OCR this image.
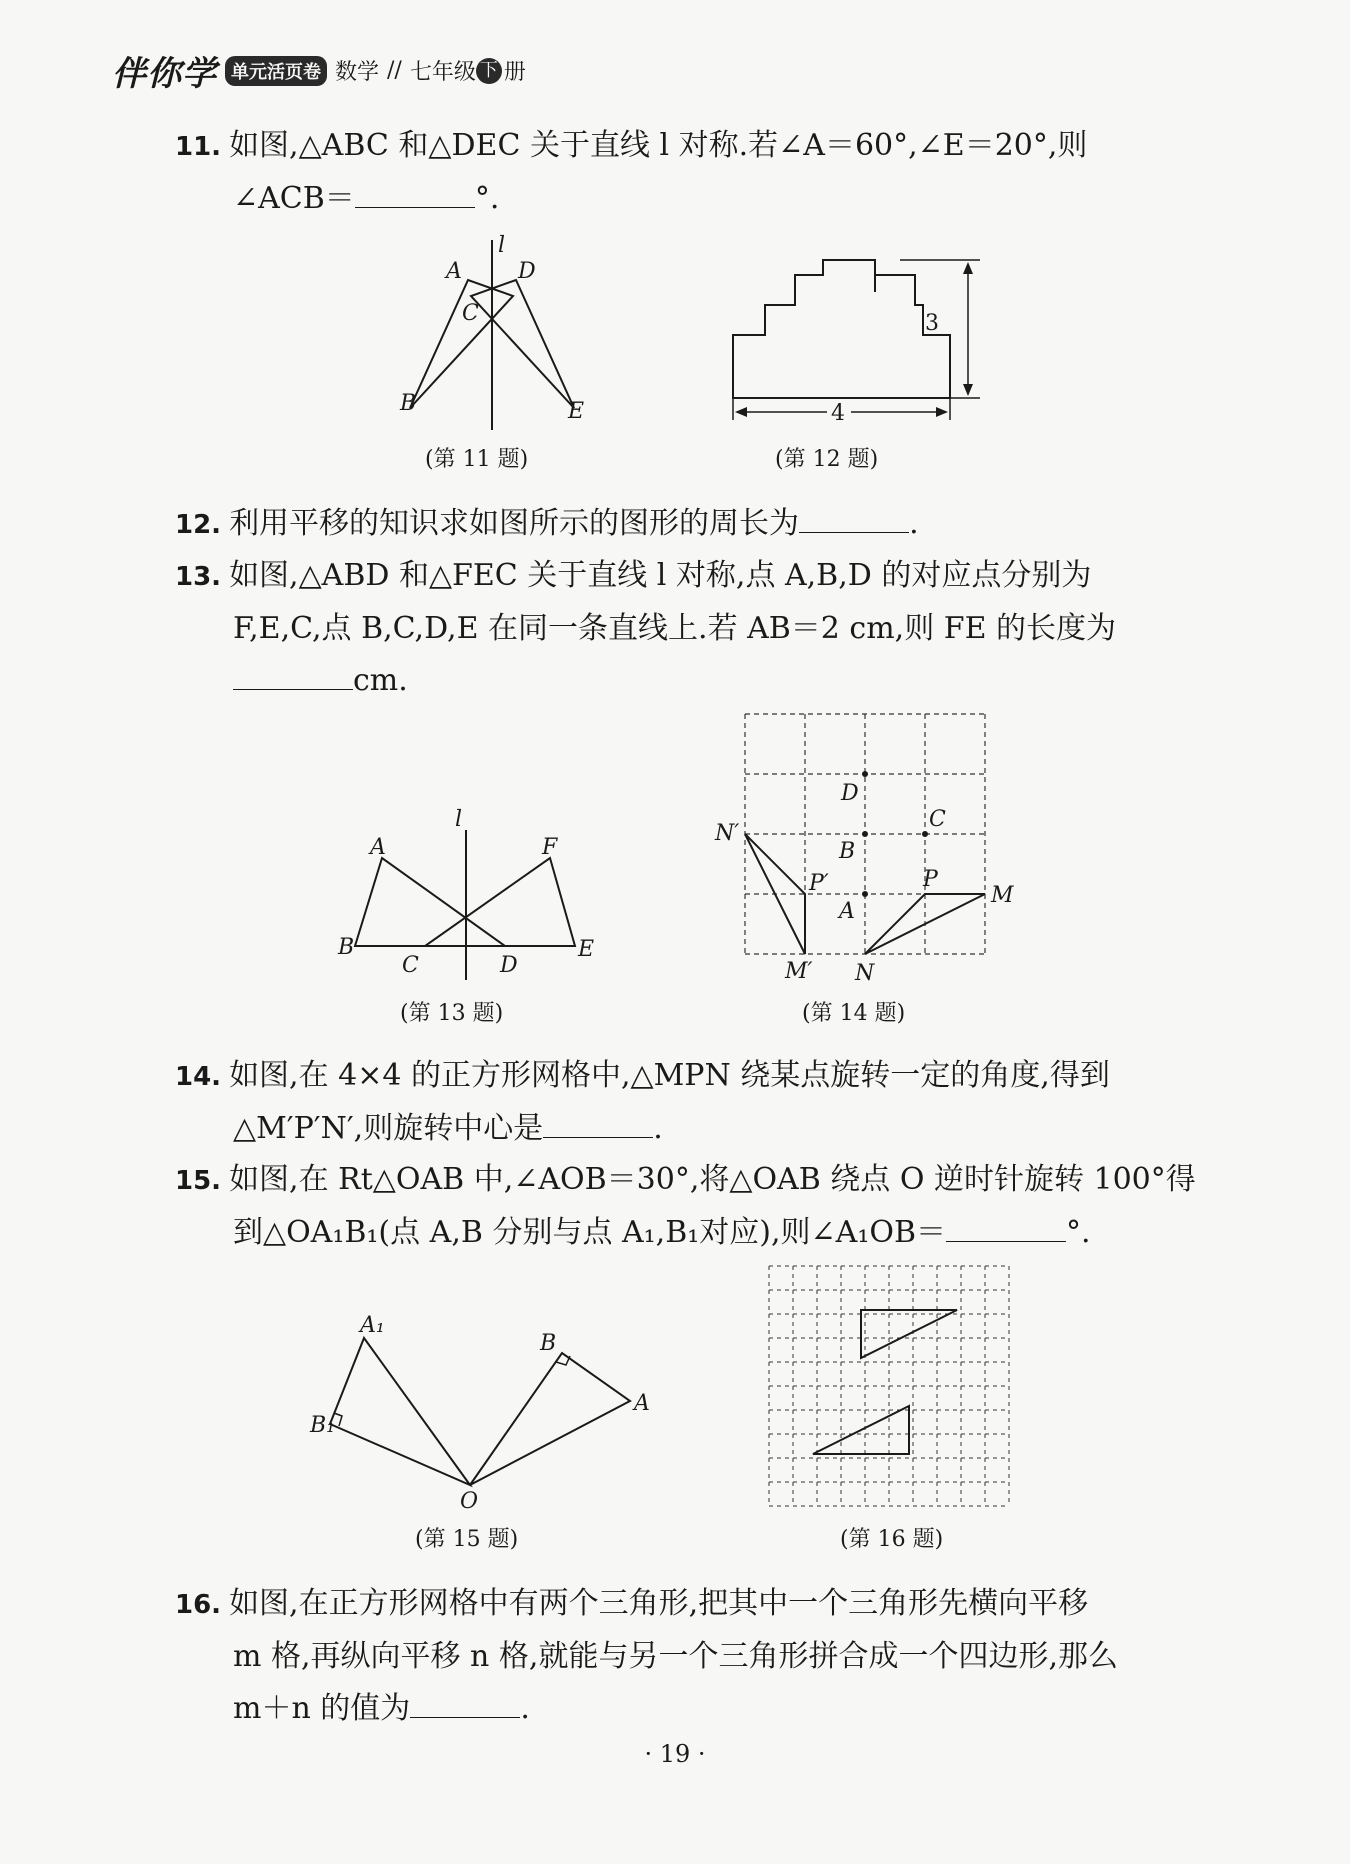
伴你学 单元活页卷 数学 // 七年级 下 册
11. 如图,△ABC 和△DEC 关于直线 l 对称.若∠A＝60°,∠E＝20°,则
∠ACB＝	°.
l
A	D
C
B	E
(第 11 题)
3
4
(第 12 题)
12. 利用平移的知识求如图所示的图形的周长为	.
13. 如图,△ABD 和△FEC 关于直线 l 对称,点 A,B,D 的对应点分别为
F,E,C,点 B,C,D,E 在同一条直线上.若 AB＝2 cm,则 FE 的长度为
cm.
l
A	F
B
C	D
E
(第 13 题)
D
C
N′
B
P′	P
M
A
M′ N
(第 14 题)
14. 如图,在 4×4 的正方形网格中,△MPN 绕某点旋转一定的角度,得到
△M′P′N′,则旋转中心是	.
15. 如图,在 Rt△OAB 中,∠AOB＝30°,将△OAB 绕点 O 逆时针旋转 100°得
到△OA₁B₁(点 A,B 分别与点 A₁,B₁对应),则∠A₁OB＝	°.
A₁
B
B₁
A
O
(第 15 题)	(第 16 题)
16. 如图,在正方形网格中有两个三角形,把其中一个三角形先横向平移
m 格,再纵向平移 n 格,就能与另一个三角形拼合成一个四边形,那么
m＋n 的值为	.
· 19 ·
